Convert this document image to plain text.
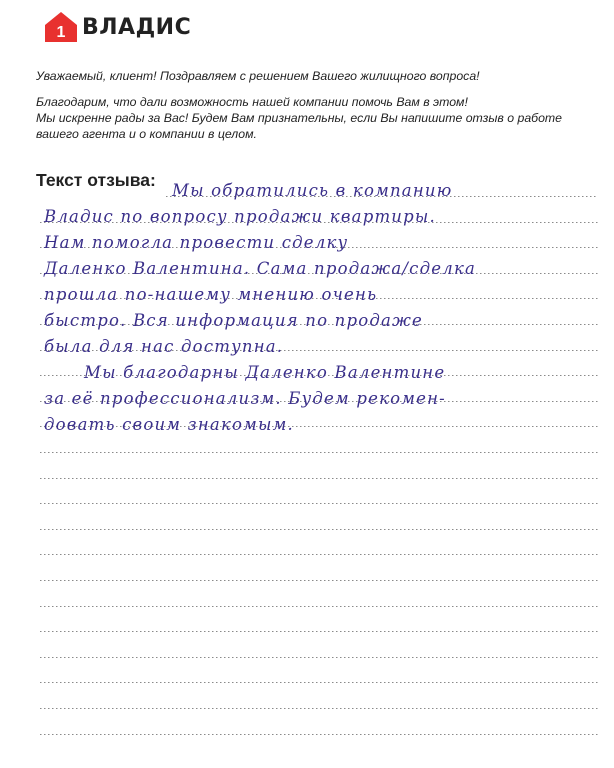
1 ВЛАДИС

Уважаемый, клиент! Поздравляем с решением Вашего жилищного вопроса!

Благодарим, что дали возможность нашей компании помочь Вам в этом!

Мы искренне рады за Вас! Будем Вам признательны, если Вы напишите отзыв о работе

вашего агента и о компании в целом.

Текст отзыва:
Мы обратились в компанию
Владис по вопросу продажи квартиры.
Нам помогла провести сделку
Даленко Валентина. Сама продажа/сделка
прошла по-нашему мнению очень
быстро. Вся информация по продаже
была для нас доступна.
Мы благодарны Даленко Валентине
за её профессионализм. Будем рекомен-
довать своим знакомым.
